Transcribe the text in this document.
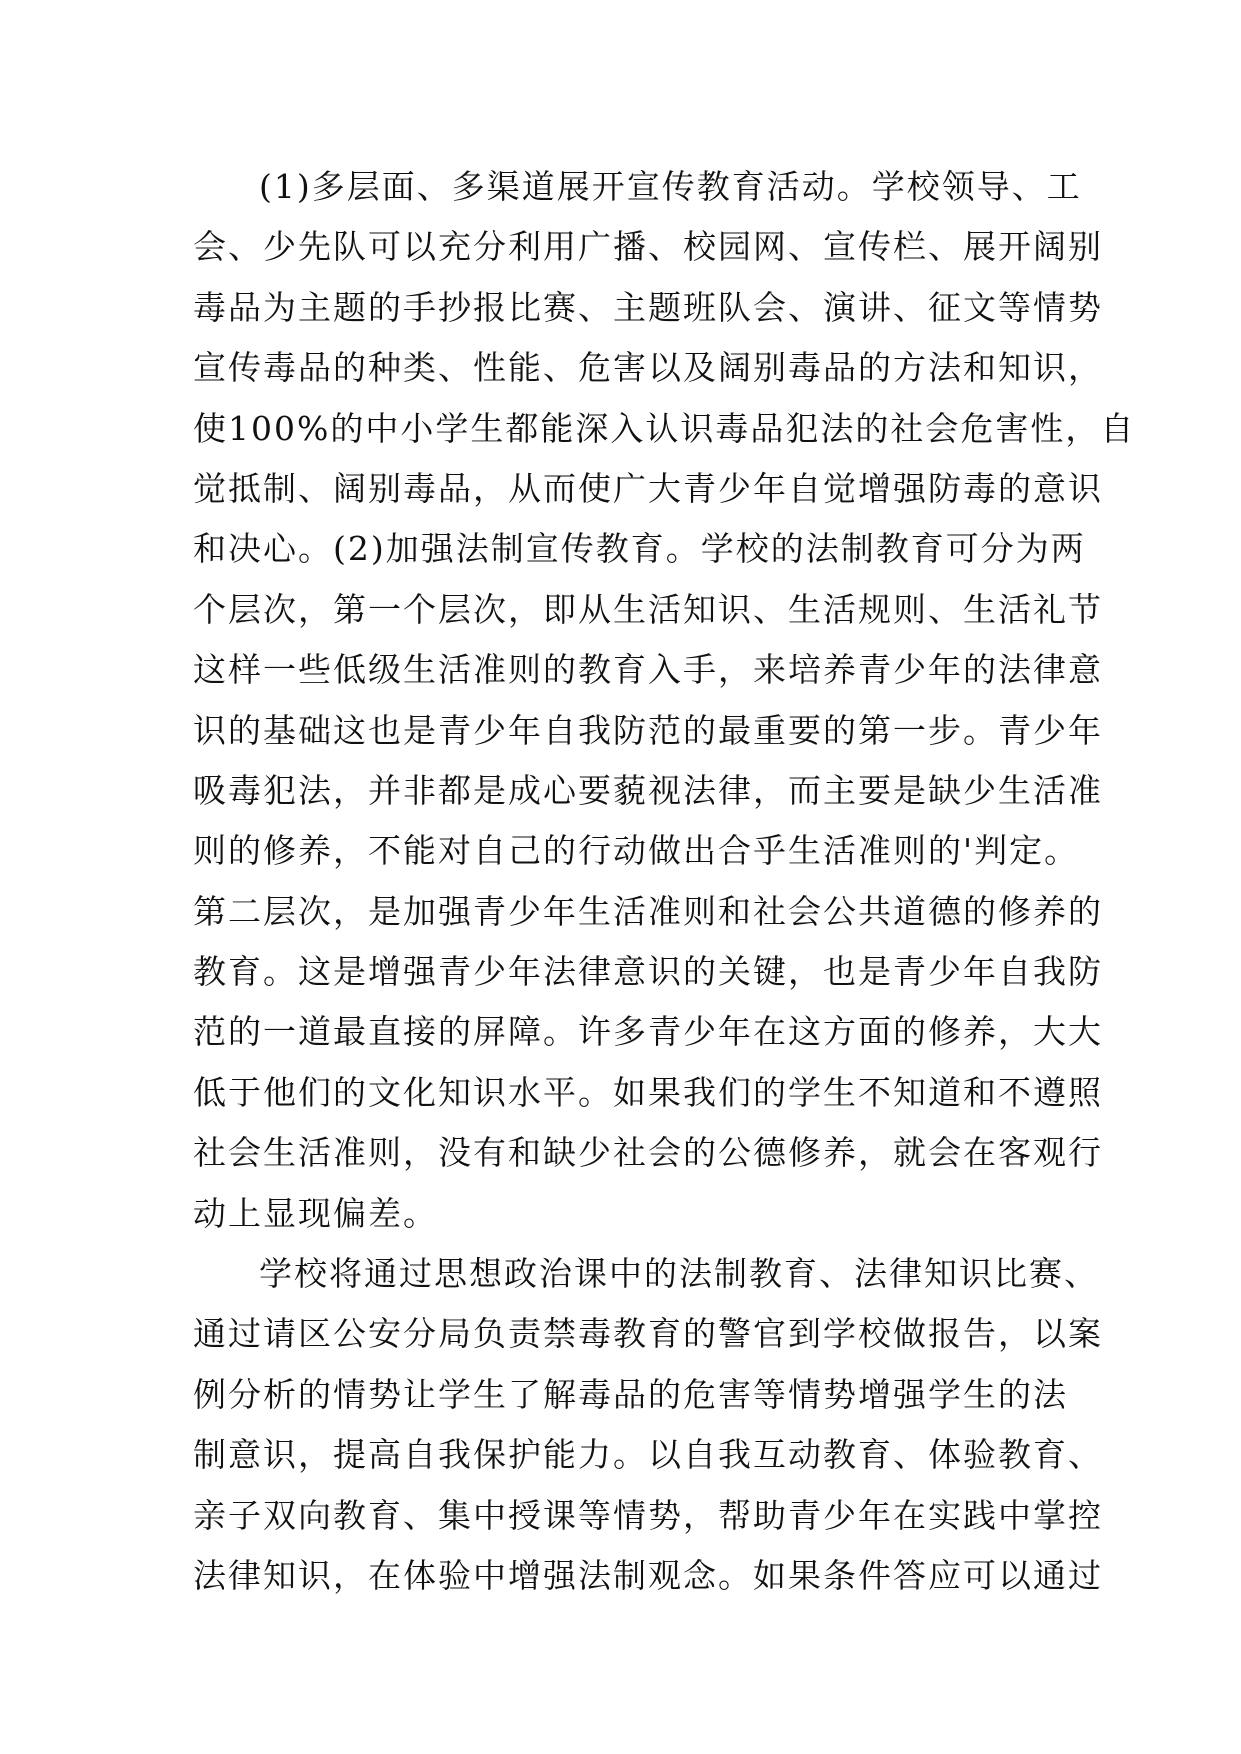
(1)多层面、多渠道展开宣传教育活动。学校领导、工
会、少先队可以充分利用广播、校园网、宣传栏、展开阔别
毒品为主题的手抄报比赛、主题班队会、演讲、征文等情势
宣传毒品的种类、性能、危害以及阔别毒品的方法和知识，
使100%的中小学生都能深入认识毒品犯法的社会危害性，自
觉抵制、阔别毒品，从而使广大青少年自觉增强防毒的意识
和决心。(2)加强法制宣传教育。学校的法制教育可分为两
个层次，第一个层次，即从生活知识、生活规则、生活礼节
这样一些低级生活准则的教育入手，来培养青少年的法律意
识的基础这也是青少年自我防范的最重要的第一步。青少年
吸毒犯法，并非都是成心要藐视法律，而主要是缺少生活准
则的修养，不能对自己的行动做出合乎生活准则的'判定。
第二层次，是加强青少年生活准则和社会公共道德的修养的
教育。这是增强青少年法律意识的关键，也是青少年自我防
范的一道最直接的屏障。许多青少年在这方面的修养，大大
低于他们的文化知识水平。如果我们的学生不知道和不遵照
社会生活准则，没有和缺少社会的公德修养，就会在客观行
动上显现偏差。
学校将通过思想政治课中的法制教育、法律知识比赛、
通过请区公安分局负责禁毒教育的警官到学校做报告，以案
例分析的情势让学生了解毒品的危害等情势增强学生的法
制意识，提高自我保护能力。以自我互动教育、体验教育、
亲子双向教育、集中授课等情势，帮助青少年在实践中掌控
法律知识，在体验中增强法制观念。如果条件答应可以通过
